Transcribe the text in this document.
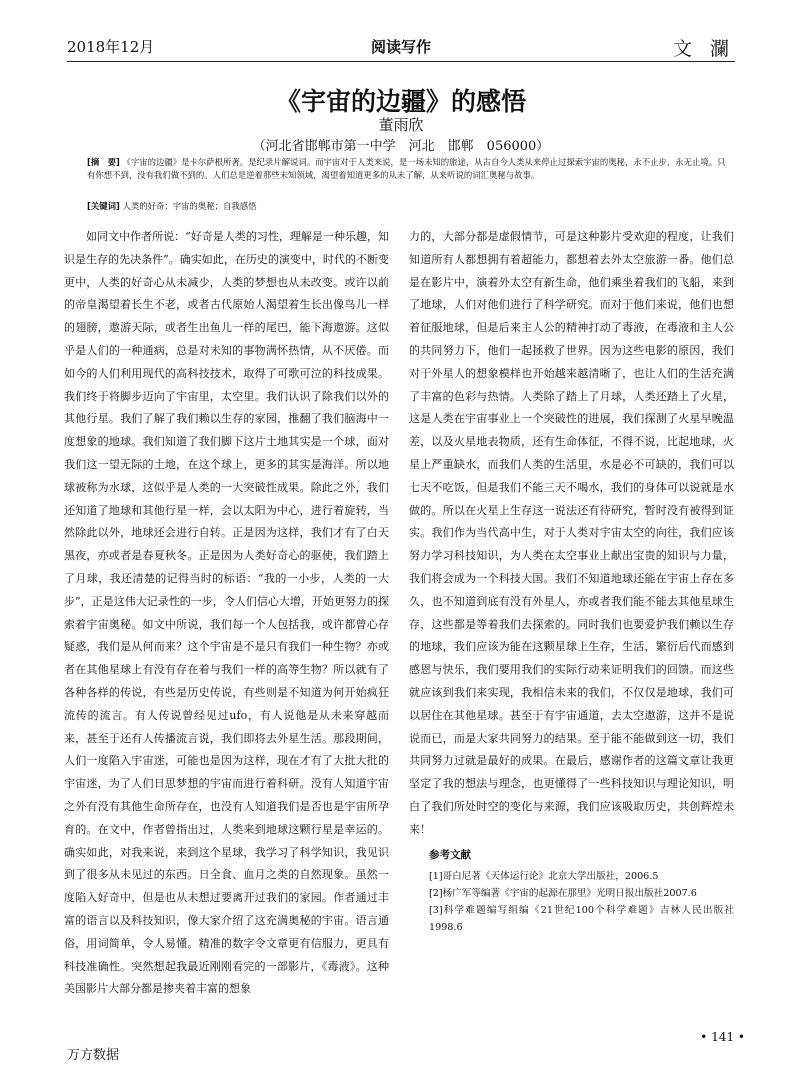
2018年12月	阅读写作	文 瀾
《宇宙的边疆》的感悟
董雨欣
（河北省邯郸市第一中学　河北　邯郸　056000）
[摘　要] 《宇宙的边疆》是卡尔萨根所著。是纪录片解说词。而宇宙对于人类来说，是一场未知的旅途，从古自今人类从来停止过探索宇宙的奥秘，永不止步，永无止境。只有你想不到，没有我们做不到的。人们总是逆着那些未知领域，渴望着知道更多的从未了解，从来听说的词汇奥秘与故事。
[关键词] 人类的好奇；宇宙的奥秘；自我感悟

如同文中作者所说：“好奇是人类的习性，理解是一种乐趣，知识是生存的先决条件”。确实如此，在历史的演变中，时代的不断变更中，人类的好奇心从未减少，人类的梦想也从未改变。或许以前的帝皇渴望着长生不老，或者古代原始人渴望着生长出像鸟儿一样的翅膀，遨游天际，或者生出鱼儿一样的尾巴，能下海遨游。这似乎是人们的一种通病，总是对未知的事物满怀热情，从不厌倦。而如今的人们利用现代的高科技技术，取得了可歌可泣的科技成果。我们终于将脚步迈向了宇宙里，太空里。我们认识了除我们以外的其他行星。我们了解了我们赖以生存的家园，推翻了我们脑海中一度想象的地球。我们知道了我们脚下这片土地其实是一个球，面对我们这一望无际的土地，在这个球上，更多的其实是海洋。所以地球被称为水球，这似乎是人类的一大突破性成果。除此之外，我们还知道了地球和其他行星一样，会以太阳为中心，进行着旋转，当然除此以外，地球还会进行自转。正是因为这样，我们才有了白天黑夜，亦或者是春夏秋冬。正是因为人类好奇心的驱使，我们踏上了月球，我还清楚的记得当时的标语：“我的一小步，人类的一大步”，正是这伟大记录性的一步，令人们信心大增，开始更努力的探索着宇宙奥秘。如文中所说，我们每一个人包括我，或许都曾心存疑惑，我们是从何而来？这个宇宙是不是只有我们一种生物？亦或者在其他星球上有没有存在着与我们一样的高等生物？所以就有了各种各样的传说，有些是历史传说，有些则是不知道为何开始疯狂流传的流言。有人传说曾经见过ufo，有人说他是从未来穿越而来，甚至于还有人传播流言说，我们即将去外星生活。那段期间，人们一度陷入宇宙迷，可能也是因为这样，现在才有了大批大批的宇宙迷，为了人们日思梦想的宇宙而进行着科研。没有人知道宇宙之外有没有其他生命所存在，也没有人知道我们是否也是宇宙所孕育的。在文中，作者曾指出过，人类来到地球这颗行星是幸运的。确实如此，对我来说，来到这个星球，我学习了科学知识，我见识到了很多从未见过的东西。日全食、血月之类的自然现象。虽然一度陷入好奇中，但是也从未想过要离开过我们的家园。作者通过丰富的语言以及科技知识，像大家介绍了这充满奥秘的宇宙。语言通俗，用词简单，令人易懂。精准的数字令文章更有信服力，更具有科技准确性。突然想起我最近刚刚看完的一部影片，《毒液》。这种美国影片大部分都是掺夹着丰富的想象

力的，大部分都是虚假情节，可是这种影片受欢迎的程度，让我们知道所有人都想拥有着超能力，都想着去外太空旅游一番。他们总是在影片中，演着外太空有新生命，他们乘坐着我们的飞船，来到了地球，人们对他们进行了科学研究。而对于他们来说，他们也想着征服地球，但是后来主人公的精神打动了毒液，在毒液和主人公的共同努力下，他们一起拯救了世界。因为这些电影的原因，我们对于外星人的想象模样也开始越来越清晰了，也让人们的生活充满了丰富的色彩与热情。人类除了踏上了月球，人类还踏上了火星，这是人类在宇宙事业上一个突破性的进展，我们探测了火星早晚温差，以及火星地表物质，还有生命体征，不得不说，比起地球，火星上严重缺水，而我们人类的生活里，水是必不可缺的，我们可以七天不吃饭，但是我们不能三天不喝水，我们的身体可以说就是水做的。所以在火星上生存这一说法还有待研究，暂时没有被得到证实。我们作为当代高中生，对于人类对宇宙太空的向往，我们应该努力学习科技知识，为人类在太空事业上献出宝贵的知识与力量，我们将会成为一个科技大国。我们不知道地球还能在宇宙上存在多久，也不知道到底有没有外星人，亦或者我们能不能去其他星球生存，这些都是等着我们去探索的。同时我们也要爱护我们赖以生存的地球，我们应该为能在这颗星球上生存，生活，繁衍后代而感到感恩与快乐，我们要用我们的实际行动来证明我们的回馈。而这些就应该到我们来实现，我相信未来的我们，不仅仅是地球，我们可以居住在其他星球。甚至于有宇宙通道，去太空遨游，这并不是说说而已，而是大家共同努力的结果。至于能不能做到这一切，我们共同努力过就是最好的成果。在最后，感谢作者的这篇文章让我更坚定了我的想法与理念，也更懂得了一些科技知识与理论知识，明白了我们所处时空的变化与来源，我们应该吸取历史，共创辉煌未来！

参考文献

[1]哥白尼著《天体运行论》北京大学出版社，2006.5
[2]杨广军等编著《宇宙的起源在那里》光明日报出版社2007.6
[3]科学难题编写组编《21世纪100个科学难题》吉林人民出版社1998.6
• 141 •
万方数据
